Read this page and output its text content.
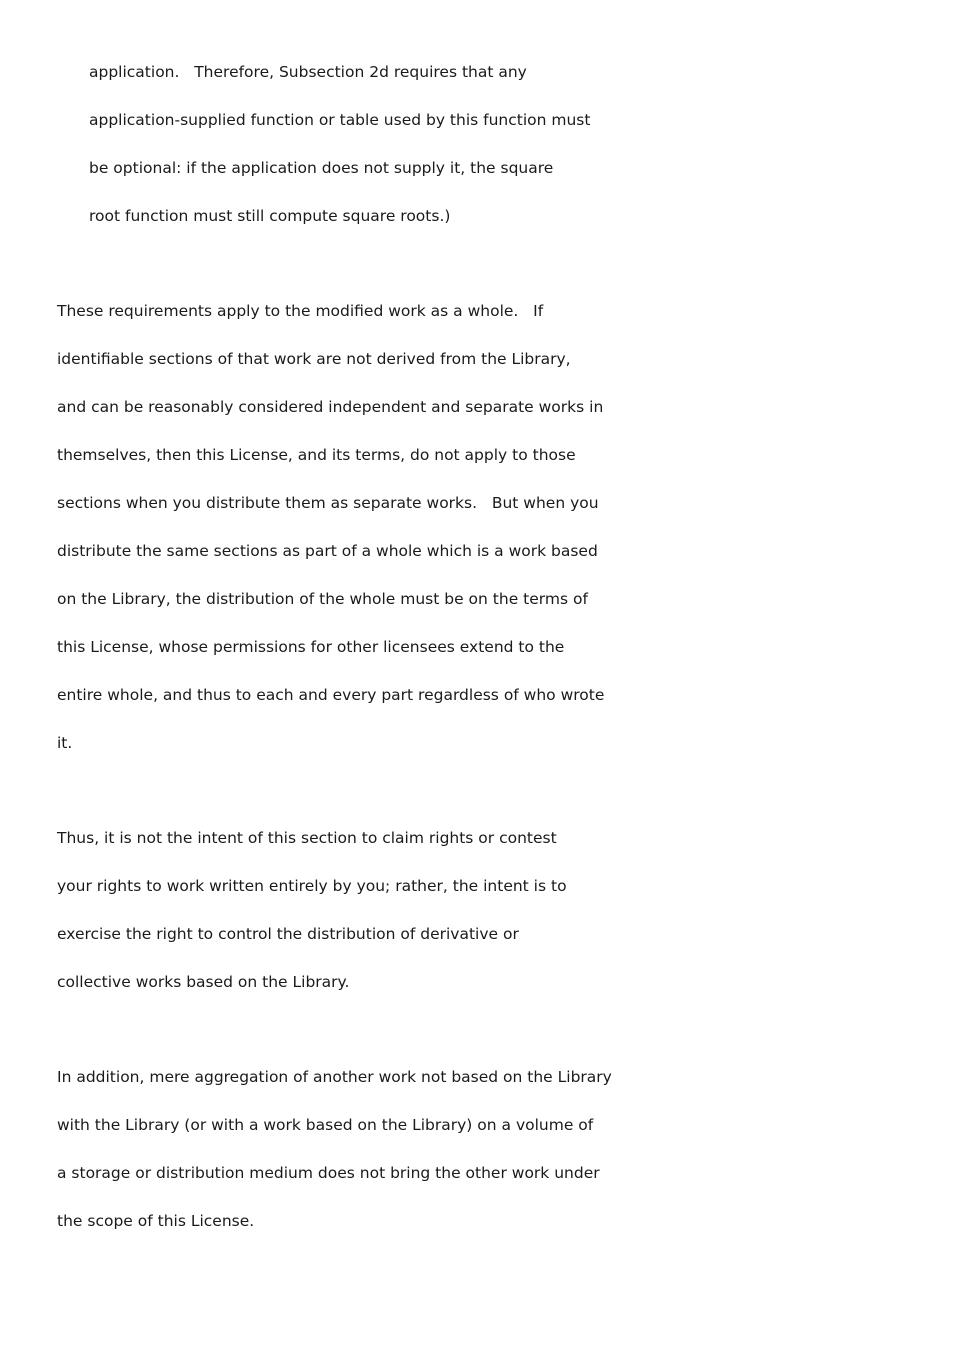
application.   Therefore, Subsection 2d requires that any
application-supplied function or table used by this function must
be optional: if the application does not supply it, the square
root function must still compute square roots.)
These requirements apply to the modified work as a whole.   If
identifiable sections of that work are not derived from the Library,
and can be reasonably considered independent and separate works in
themselves, then this License, and its terms, do not apply to those
sections when you distribute them as separate works.   But when you
distribute the same sections as part of a whole which is a work based
on the Library, the distribution of the whole must be on the terms of
this License, whose permissions for other licensees extend to the
entire whole, and thus to each and every part regardless of who wrote
it.
Thus, it is not the intent of this section to claim rights or contest
your rights to work written entirely by you; rather, the intent is to
exercise the right to control the distribution of derivative or
collective works based on the Library.
In addition, mere aggregation of another work not based on the Library
with the Library (or with a work based on the Library) on a volume of
a storage or distribution medium does not bring the other work under
the scope of this License.
